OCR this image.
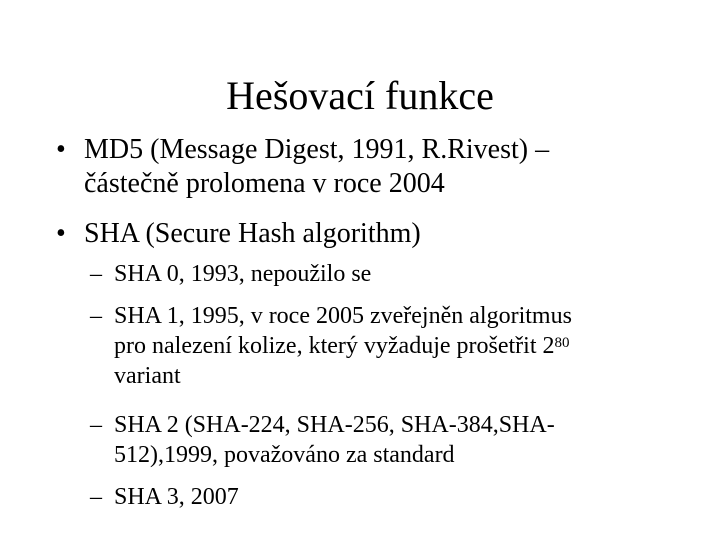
Hešovací funkce
• MD5 (Message Digest, 1991, R.Rivest) –
částečně prolomena v roce 2004
• SHA (Secure Hash algorithm)
– SHA 0, 1993, nepoužilo se
– SHA 1, 1995, v roce 2005 zveřejněn algoritmus
pro nalezení kolize, který vyžaduje prošetřit $2^{80}$
variant
– SHA 2 (SHA-224, SHA-256, SHA-384,SHA-
512),1999, považováno za standard
– SHA 3, 2007
